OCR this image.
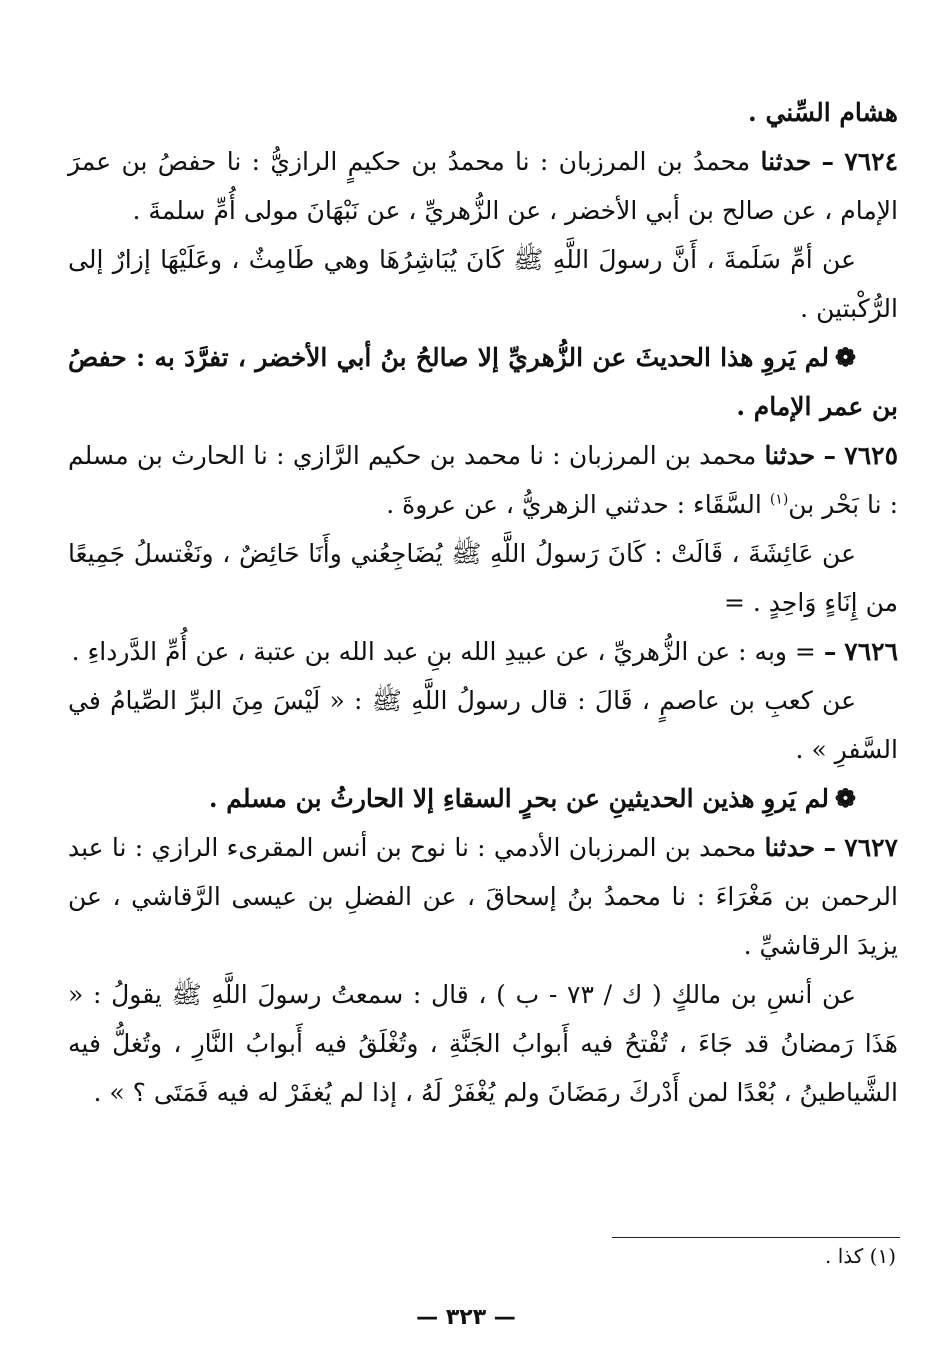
هشام السِّني .

٧٦٢٤ – حدثنا محمدُ بن المرزبان : نا محمدُ بن حكيمٍ الرازيُّ : نا حفصُ بن عمرَ الإمام ، عن صالح بن أبي الأخضر ، عن الزُّهريِّ ، عن نَبْهَانَ مولى أُمِّ سلمةَ .

عن أمِّ سَلَمةَ ، أَنَّ رسولَ اللَّهِ ﷺ كَانَ يُبَاشِرُهَا وهي طَامِثٌ ، وعَلَيْهَا إزارٌ إلى الرُّكْبتين .

❁لم يَروِ هذا الحديثَ عن الزُّهريِّ إلا صالحُ بنُ أبي الأخضر ، تفرَّدَ به : حفصُ بن عمر الإمام .

٧٦٢٥ – حدثنا محمد بن المرزبان : نا محمد بن حكيم الرَّازي : نا الحارث بن مسلم : نا بَحْر بن$^{(١)}$ السَّقَاء : حدثني الزهريُّ ، عن عروةَ .

عن عَائِشَةَ ، قَالَتْ : كَانَ رَسولُ اللَّهِ ﷺ يُضَاجِعُني وأَنَا حَائِضٌ ، ونَغْتسلُ جَمِيعًا من إِنَاءٍ وَاحِدٍ . =

٧٦٢٦ – = وبه : عن الزُّهريِّ ، عن عبيدِ الله بنِ عبد الله بن عتبة ، عن أُمِّ الدَّرداءِ .

عن كعبِ بن عاصمٍ ، قَالَ : قال رسولُ اللَّهِ ﷺ : « لَيْسَ مِنَ البرِّ الصِّيامُ في السَّفرِ » .

❁لم يَروِ هذين الحديثينِ عن بحرٍ السقاءِ إلا الحارثُ بن مسلم .

٧٦٢٧ – حدثنا محمد بن المرزبان الأدمي : نا نوح بن أنس المقرىء الرازي : نا عبد الرحمن بن مَغْرَاءَ : نا محمدُ بنُ إسحاقَ ، عن الفضلِ بن عيسى الرَّقاشي ، عن يزيدَ الرقاشيِّ .

عن أنسِ بن مالكٍ ( ك / ٧٣ - ب ) ، قال : سمعتُ رسولَ اللَّهِ ﷺ يقولُ : « هَذَا رَمضانُ قد جَاءَ ، تُفْتحُ فيه أَبوابُ الجَنَّةِ ، وتُغْلَقُ فيه أَبوابُ النَّارِ ، وتُغلُّ فيه الشَّياطينُ ، بُعْدًا لمن أَدْركَ رمَضَانَ ولم يُغْفَرْ لَهُ ، إذا لم يُغفَرْ له فيه فَمَتَى ؟ » .

(١) كذا .
— ٣٢٣ —
